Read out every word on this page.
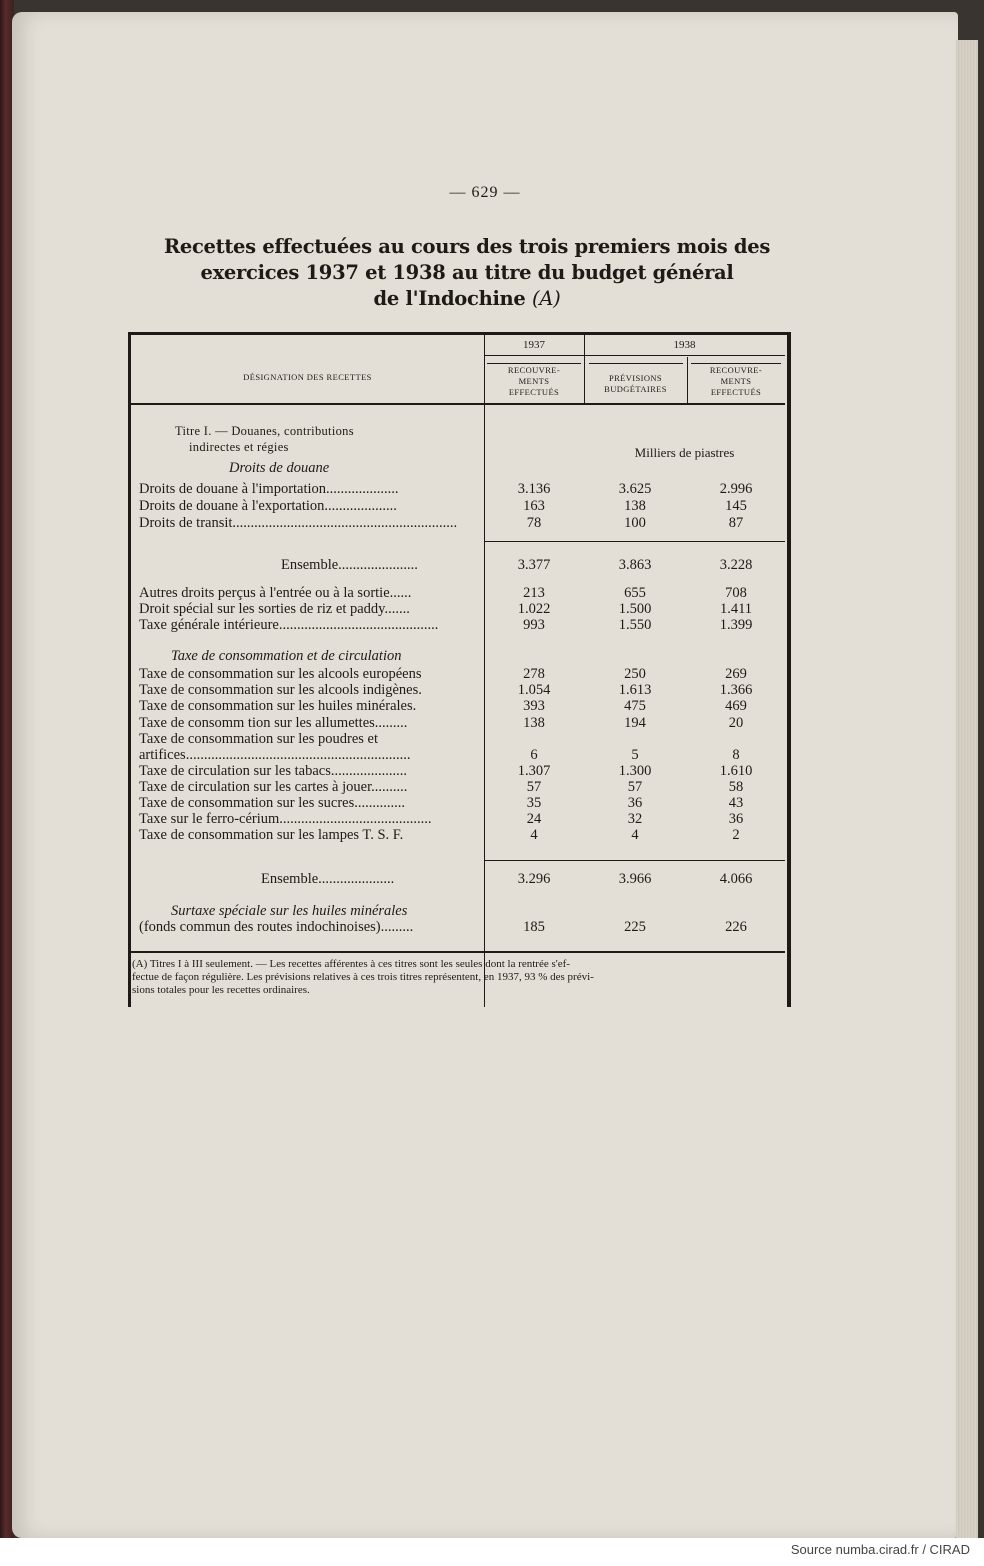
— 629 —
Recettes effectuées au cours des trois premiers mois des
exercices 1937 et 1938 au titre du budget général
de l'Indochine (A)
DÉSIGNATION DES RECETTES
1937	1938
RECOUVRE-
MENTS
EFFECTUÉS
PRÉVISIONS
BUDGÉTAIRES
RECOUVRE-
MENTS
EFFECTUÉS
Titre I. — Douanes, contributions
indirectes et régies	Milliers de piastres
Droits de douane
Droits de douane à l'importation....................	3.136	3.625	2.996
Droits de douane à l'exportation....................	163	138	145
Droits de transit..............................................................	78	100	87
Ensemble......................	3.377	3.863	3.228
Autres droits perçus à l'entrée ou à la sortie......	213	655	708
Droit spécial sur les sorties de riz et paddy.......	1.022	1.500	1.411
Taxe générale intérieure............................................	993	1.550	1.399
Taxe de consommation sur les alcools européens	278	250	269
Taxe de consommation sur les alcools indigènes.	1.054	1.613	1.366
Taxe de consommation sur les huiles minérales.	393	475	469
Taxe de consomm tion sur les allumettes.........	138	194	20
Taxe de consommation sur les poudres et
artifices..............................................................	6	5	8
Taxe de circulation sur les tabacs.....................	1.307	1.300	1.610
Taxe de circulation sur les cartes à jouer..........	57	57	58
Taxe de consommation sur les sucres..............	35	36	43
Taxe sur le ferro-cérium..........................................	24	32	36
Taxe de consommation sur les lampes T. S. F.	4	4	2
Ensemble.....................	3.296	3.966	4.066
(fonds commun des routes indochinoises).........	185	225	226
Taxe de consommation et de circulation
Surtaxe spéciale sur les huiles minérales
(A) Titres I à III seulement. — Les recettes afférentes à ces titres sont les seules dont la rentrée s'ef-
fectue de façon régulière. Les prévisions relatives à ces trois titres représentent, en 1937, 93 % des prévi-
sions totales pour les recettes ordinaires.
Source numba.cirad.fr / CIRAD
